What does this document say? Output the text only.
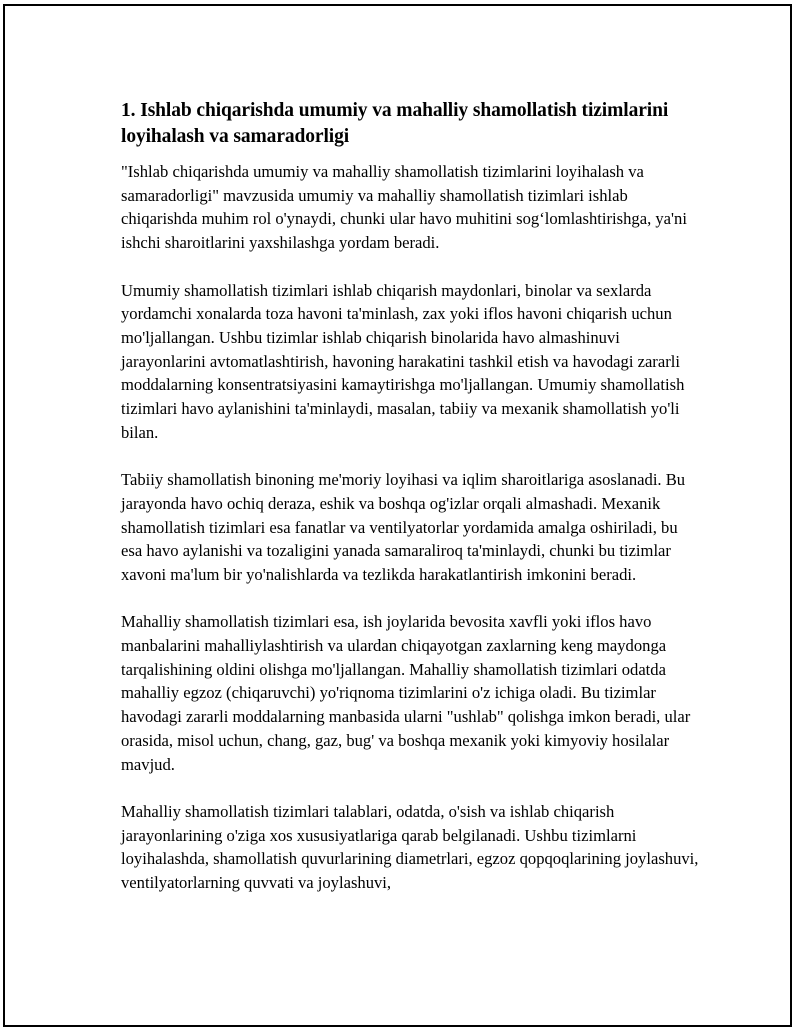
1. Ishlab chiqarishda umumiy va mahalliy shamollatish tizimlarini loyihalash va samaradorligi

"Ishlab chiqarishda umumiy va mahalliy shamollatish tizimlarini loyihalash va samaradorligi" mavzusida umumiy va mahalliy shamollatish tizimlari ishlab chiqarishda muhim rol o'ynaydi, chunki ular havo muhitini sog‘lomlashtirishga, ya'ni ishchi sharoitlarini yaxshilashga yordam beradi.

Umumiy shamollatish tizimlari ishlab chiqarish maydonlari, binolar va sexlarda yordamchi xonalarda toza havoni ta'minlash, zax yoki iflos havoni chiqarish uchun mo'ljallangan. Ushbu tizimlar ishlab chiqarish binolarida havo almashinuvi jarayonlarini avtomatlashtirish, havoning harakatini tashkil etish va havodagi zararli moddalarning konsentratsiyasini kamaytirishga mo'ljallangan. Umumiy shamollatish tizimlari havo aylanishini ta'minlaydi, masalan, tabiiy va mexanik shamollatish yo'li bilan.

Tabiiy shamollatish binoning me'moriy loyihasi va iqlim sharoitlariga asoslanadi. Bu jarayonda havo ochiq deraza, eshik va boshqa og'izlar orqali almashadi. Mexanik shamollatish tizimlari esa fanatlar va ventilyatorlar yordamida amalga oshiriladi, bu esa havo aylanishi va tozaligini yanada samaraliroq ta'minlaydi, chunki bu tizimlar xavoni ma'lum bir yo'nalishlarda va tezlikda harakatlantirish imkonini beradi.

Mahalliy shamollatish tizimlari esa, ish joylarida bevosita xavfli yoki iflos havo manbalarini mahalliylashtirish va ulardan chiqayotgan zaxlarning keng maydonga tarqalishining oldini olishga mo'ljallangan. Mahalliy shamollatish tizimlari odatda mahalliy egzoz (chiqaruvchi) yo'riqnoma tizimlarini o'z ichiga oladi. Bu tizimlar havodagi zararli moddalarning manbasida ularni "ushlab" qolishga imkon beradi, ular orasida, misol uchun, chang, gaz, bug' va boshqa mexanik yoki kimyoviy hosilalar mavjud.

Mahalliy shamollatish tizimlari talablari, odatda, o'sish va ishlab chiqarish jarayonlarining o'ziga xos xususiyatlariga qarab belgilanadi. Ushbu tizimlarni loyihalashda, shamollatish quvurlarining diametrlari, egzoz qopqoqlarining joylashuvi, ventilyatorlarning quvvati va joylashuvi,
